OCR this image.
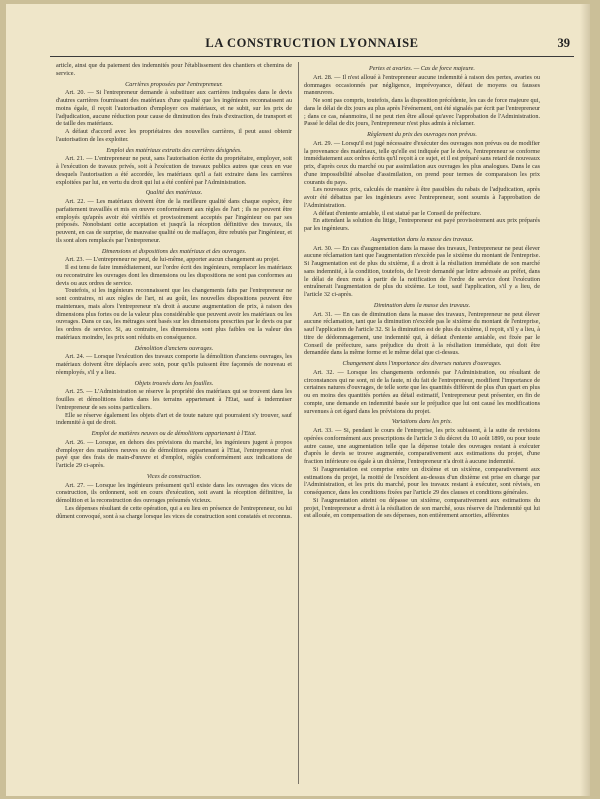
LA CONSTRUCTION LYONNAISE	39

article, ainsi que du paiement des indemnités pour l'établissement des chantiers et chemins de service.

Carrières proposées par l'entrepreneur.

Art. 20. — Si l'entrepreneur demande à substituer aux carrières indiquées dans le devis d'autres carrières fournissant des matériaux d'une qualité que les ingénieurs reconnaissent au moins égale, il reçoit l'autorisation d'employer ces matériaux, et ne subit, sur les prix de l'adjudication, aucune réduction pour cause de diminution des frais d'extraction, de transport et de taille des matériaux.

A défaut d'accord avec les propriétaires des nouvelles carrières, il peut aussi obtenir l'autorisation de les exploiter.

Emploi des matériaux extraits des carrières désignées.

Art. 21. — L'entrepreneur ne peut, sans l'autorisation écrite du propriétaire, employer, soit à l'exécution de travaux privés, soit à l'exécution de travaux publics autres que ceux en vue desquels l'autorisation a été accordée, les matériaux qu'il a fait extraire dans les carrières exploitées par lui, en vertu du droit qui lui a été conféré par l'Administration.

Qualité des matériaux.

Art. 22. — Les matériaux doivent être de la meilleure qualité dans chaque espèce, être parfaitement travaillés et mis en œuvre conformément aux règles de l'art ; ils ne peuvent être employés qu'après avoir été vérifiés et provisoirement acceptés par l'ingénieur ou par ses préposés. Nonobstant cette acceptation et jusqu'à la réception définitive des travaux, ils peuvent, en cas de surprise, de mauvaise qualité ou de malfaçon, être rebutés par l'ingénieur, et ils sont alors remplacés par l'entrepreneur.

Dimensions et dispositions des matériaux et des ouvrages.

Art. 23. — L'entrepreneur ne peut, de lui-même, apporter aucun changement au projet.

Il est tenu de faire immédiatement, sur l'ordre écrit des ingénieurs, remplacer les matériaux ou reconstruire les ouvrages dont les dimensions ou les dispositions ne sont pas conformes au devis ou aux ordres de service.

Toutefois, si les ingénieurs reconnaissent que les changements faits par l'entrepreneur ne sont contraires, ni aux règles de l'art, ni au goût, les nouvelles dispositions peuvent être maintenues, mais alors l'entrepreneur n'a droit à aucune augmentation de prix, à raison des dimensions plus fortes ou de la valeur plus considérable que peuvent avoir les matériaux ou les ouvrages. Dans ce cas, les métrages sont basés sur les dimensions prescrites par le devis ou par les ordres de service. Si, au contraire, les dimensions sont plus faibles ou la valeur des matériaux moindre, les prix sont réduits en conséquence.

Démolition d'anciens ouvrages.

Art. 24. — Lorsque l'exécution des travaux comporte la démolition d'anciens ouvrages, les matériaux doivent être déplacés avec soin, pour qu'ils puissent être façonnés de nouveau et réemployés, s'il y a lieu.

Objets trouvés dans les fouilles.

Art. 25. — L'Administration se réserve la propriété des matériaux qui se trouvent dans les fouilles et démolitions faites dans les terrains appartenant à l'Etat, sauf à indemniser l'entrepreneur de ses soins particuliers.

Elle se réserve également les objets d'art et de toute nature qui pourraient s'y trouver, sauf indemnité à qui de droit.

Emploi de matières neuves ou de démolitions appartenant à l'Etat.

Art. 26. — Lorsque, en dehors des prévisions du marché, les ingénieurs jugent à propos d'employer des matières neuves ou de démolitions appartenant à l'Etat, l'entrepreneur n'est payé que des frais de main-d'œuvre et d'emploi, réglés conformément aux indications de l'article 29 ci-après.

Vices de construction.

Art. 27. — Lorsque les ingénieurs présument qu'il existe dans les ouvrages des vices de construction, ils ordonnent, soit en cours d'exécution, soit avant la réception définitive, la démolition et la reconstruction des ouvrages présumés vicieux.

Les dépenses résultant de cette opération, qui a eu lieu en présence de l'entrepreneur, ou lui dûment convoqué, sont à sa charge lorsque les vices de construction sont constatés et reconnus.

Pertes et avaries. — Cas de force majeure.

Art. 28. — Il n'est alloué à l'entrepreneur aucune indemnité à raison des pertes, avaries ou dommages occasionnés par négligence, imprévoyance, défaut de moyens ou fausses manœuvres.

Ne sont pas compris, toutefois, dans la disposition précédente, les cas de force majeure qui, dans le délai de dix jours au plus après l'événement, ont été signalés par écrit par l'entrepreneur ; dans ce cas, néanmoins, il ne peut rien être alloué qu'avec l'approbation de l'Administration. Passé le délai de dix jours, l'entrepreneur n'est plus admis à réclamer.

Règlement du prix des ouvrages non prévus.

Art. 29. — Lorsqu'il est jugé nécessaire d'exécuter des ouvrages non prévus ou de modifier la provenance des matériaux, telle qu'elle est indiquée par le devis, l'entrepreneur se conforme immédiatement aux ordres écrits qu'il reçoit à ce sujet, et il est préparé sans retard de nouveaux prix, d'après ceux du marché ou par assimilation aux ouvrages les plus analogues. Dans le cas d'une impossibilité absolue d'assimilation, on prend pour termes de comparaison les prix courants du pays.

Les nouveaux prix, calculés de manière à être passibles du rabais de l'adjudication, après avoir été débattus par les ingénieurs avec l'entrepreneur, sont soumis à l'approbation de l'Administration.

A défaut d'entente amiable, il est statué par le Conseil de préfecture.

En attendant la solution du litige, l'entrepreneur est payé provisoirement aux prix préparés par les ingénieurs.

Augmentation dans la masse des travaux.

Art. 30. — En cas d'augmentation dans la masse des travaux, l'entrepreneur ne peut élever aucune réclamation tant que l'augmentation n'excède pas le sixième du montant de l'entreprise. Si l'augmentation est de plus du sixième, il a droit à la résiliation immédiate de son marché sans indemnité, à la condition, toutefois, de l'avoir demandé par lettre adressée au préfet, dans le délai de deux mois à partir de la notification de l'ordre de service dont l'exécution entraînerait l'augmentation de plus du sixième. Le tout, sauf l'application, s'il y a lieu, de l'article 32 ci-après.

Diminution dans la masse des travaux.

Art. 31. — En cas de diminution dans la masse des travaux, l'entrepreneur ne peut élever aucune réclamation, tant que la diminution n'excède pas le sixième du montant de l'entreprise, sauf l'application de l'article 32. Si la diminution est de plus du sixième, il reçoit, s'il y a lieu, à titre de dédommagement, une indemnité qui, à défaut d'entente amiable, est fixée par le Conseil de préfecture, sans préjudice du droit à la résiliation immédiate, qui doit être demandée dans la même forme et le même délai que ci-dessus.

Changement dans l'importance des diverses natures d'ouvrages.

Art. 32. — Lorsque les changements ordonnés par l'Administration, ou résultant de circonstances qui ne sont, ni de la faute, ni du fait de l'entrepreneur, modifient l'importance de certaines natures d'ouvrages, de telle sorte que les quantités différent de plus d'un quart en plus ou en moins des quantités portées au détail estimatif, l'entrepreneur peut présenter, en fin de compte, une demande en indemnité basée sur le préjudice que lui ont causé les modifications survenues à cet égard dans les prévisions du projet.

Variations dans les prix.

Art. 33. — Si, pendant le cours de l'entreprise, les prix subissent, à la suite de revisions opérées conformément aux prescriptions de l'article 3 du décret du 10 août 1899, ou pour toute autre cause, une augmentation telle que la dépense totale des ouvrages restant à exécuter d'après le devis se trouve augmentée, comparativement aux estimations du projet, d'une fraction inférieure ou égale à un dixième, l'entrepreneur n'a droit à aucune indemnité.

Si l'augmentation est comprise entre un dixième et un sixième, comparativement aux estimations du projet, la moitié de l'excédent au-dessus d'un dixième est prise en charge par l'Administration, et les prix du marché, pour les travaux restant à exécuter, sont révisés, en conséquence, dans les conditions fixées par l'article 29 des clauses et conditions générales.

Si l'augmentation atteint ou dépasse un sixième, comparativement aux estimations du projet, l'entrepreneur a droit à la résiliation de son marché, sous réserve de l'indemnité qui lui est allouée, en compensation de ses dépenses, non entièrement amorties, afférentes
